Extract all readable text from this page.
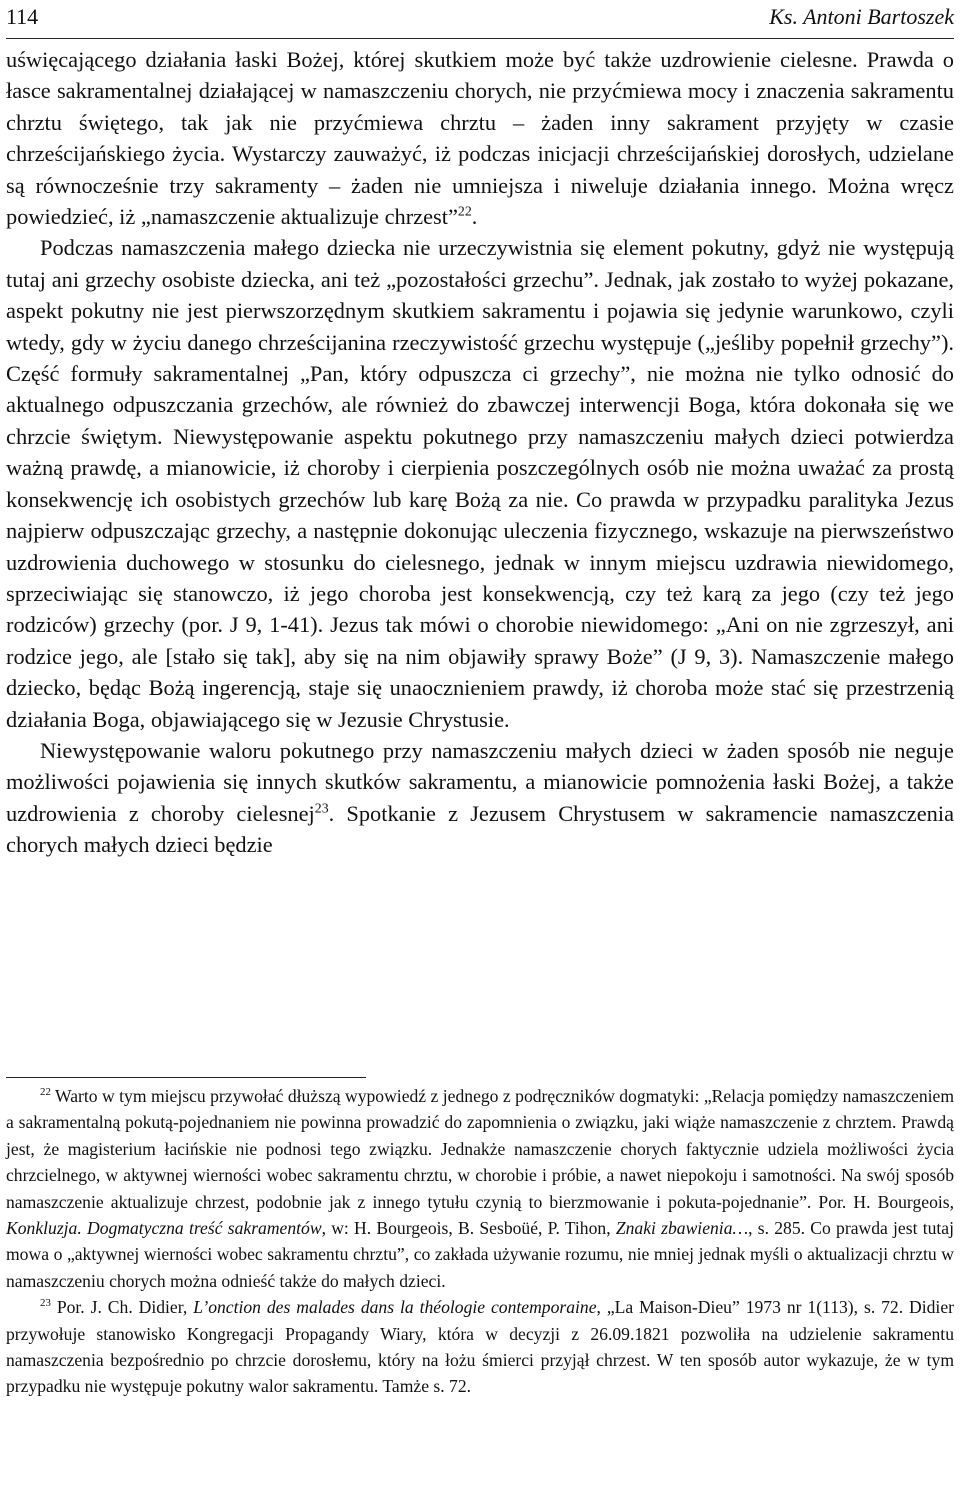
114	Ks. Antoni Bartoszek

uświęcającego działania łaski Bożej, której skutkiem może być także uzdrowienie cielesne. Prawda o łasce sakramentalnej działającej w namaszczeniu chorych, nie przyćmiewa mocy i znaczenia sakramentu chrztu świętego, tak jak nie przyćmiewa chrztu – żaden inny sakrament przyjęty w czasie chrześcijańskiego życia. Wystarczy zauważyć, iż podczas inicjacji chrześcijańskiej dorosłych, udzielane są równocześnie trzy sakramenty – żaden nie umniejsza i niweluje działania innego. Można wręcz powiedzieć, iż „namaszczenie aktualizuje chrzest”$^{22}$.

Podczas namaszczenia małego dziecka nie urzeczywistnia się element pokutny, gdyż nie występują tutaj ani grzechy osobiste dziecka, ani też „pozostałości grzechu”. Jednak, jak zostało to wyżej pokazane, aspekt pokutny nie jest pierwszorzędnym skutkiem sakramentu i pojawia się jedynie warunkowo, czyli wtedy, gdy w życiu danego chrześcijanina rzeczywistość grzechu występuje („jeśliby popełnił grzechy”). Część formuły sakramentalnej „Pan, który odpuszcza ci grzechy”, nie można nie tylko odnosić do aktualnego odpuszczania grzechów, ale również do zbawczej interwencji Boga, która dokonała się we chrzcie świętym. Niewystępowanie aspektu pokutnego przy namaszczeniu małych dzieci potwierdza ważną prawdę, a mianowicie, iż choroby i cierpienia poszczególnych osób nie można uważać za prostą konsekwencję ich osobistych grzechów lub karę Bożą za nie. Co prawda w przypadku paralityka Jezus najpierw odpuszczając grzechy, a następnie dokonując uleczenia fizycznego, wskazuje na pierwszeństwo uzdrowienia duchowego w stosunku do cielesnego, jednak w innym miejscu uzdrawia niewidomego, sprzeciwiając się stanowczo, iż jego choroba jest konsekwencją, czy też karą za jego (czy też jego rodziców) grzechy (por. J 9, 1-41). Jezus tak mówi o chorobie niewidomego: „Ani on nie zgrzeszył, ani rodzice jego, ale [stało się tak], aby się na nim objawiły sprawy Boże” (J 9, 3). Namaszczenie małego dziecko, będąc Bożą ingerencją, staje się unaocznieniem prawdy, iż choroba może stać się przestrzenią działania Boga, objawiającego się w Jezusie Chrystusie.

Niewystępowanie waloru pokutnego przy namaszczeniu małych dzieci w żaden sposób nie neguje możliwości pojawienia się innych skutków sakramentu, a mianowicie pomnożenia łaski Bożej, a także uzdrowienia z choroby cielesnej$^{23}$. Spotkanie z Jezusem Chrystusem w sakramencie namaszczenia chorych małych dzieci będzie

$^{22}$ Warto w tym miejscu przywołać dłuższą wypowiedź z jednego z podręczników dogmatyki: „Relacja pomiędzy namaszczeniem a sakramentalną pokutą-pojednaniem nie powinna prowadzić do zapomnienia o związku, jaki wiąże namaszczenie z chrztem. Prawdą jest, że magisterium łacińskie nie podnosi tego związku. Jednakże namaszczenie chorych faktycznie udziela możliwości życia chrzcielnego, w aktywnej wierności wobec sakramentu chrztu, w chorobie i próbie, a nawet niepokoju i samotności. Na swój sposób namaszczenie aktualizuje chrzest, podobnie jak z innego tytułu czynią to bierzmowanie i pokuta-pojednanie”. Por. H. Bourgeois, Konkluzja. Dogmatyczna treść sakramentów, w: H. Bourgeois, B. Sesboüé, P. Tihon, Znaki zbawienia…, s. 285. Co prawda jest tutaj mowa o „aktywnej wierności wobec sakramentu chrztu”, co zakłada używanie rozumu, nie mniej jednak myśli o aktualizacji chrztu w namaszczeniu chorych można odnieść także do małych dzieci.

$^{23}$ Por. J. Ch. Didier, L’onction des malades dans la théologie contemporaine, „La Maison-Dieu” 1973 nr 1(113), s. 72. Didier przywołuje stanowisko Kongregacji Propagandy Wiary, która w decyzji z 26.09.1821 pozwoliła na udzielenie sakramentu namaszczenia bezpośrednio po chrzcie dorosłemu, który na łożu śmierci przyjął chrzest. W ten sposób autor wykazuje, że w tym przypadku nie występuje pokutny walor sakramentu. Tamże s. 72.
